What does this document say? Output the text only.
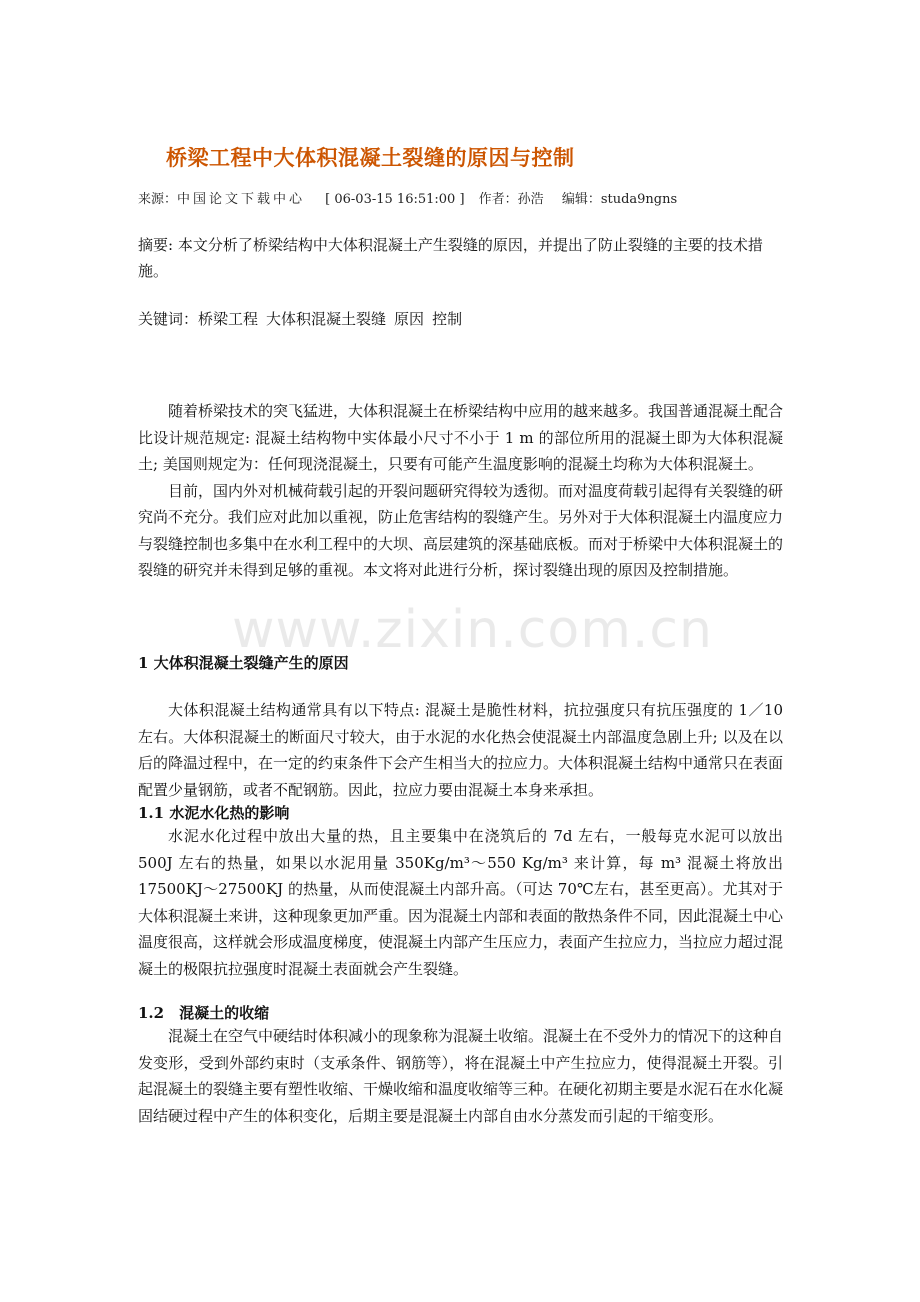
桥梁工程中大体积混凝土裂缝的原因与控制
来源：中国论文下载中心 [ 06-03-15 16:51:00 ] 作者：孙浩 编辑：studa9ngns

摘要: 本文分析了桥梁结构中大体积混凝土产生裂缝的原因，并提出了防止裂缝的主要的技术措施。

关键词：桥梁工程 大体积混凝土裂缝 原因 控制

随着桥梁技术的突飞猛进，大体积混凝土在桥梁结构中应用的越来越多。我国普通混凝土配合比设计规范规定: 混凝土结构物中实体最小尺寸不小于 1 m 的部位所用的混凝土即为大体积混凝土; 美国则规定为：任何现浇混凝土，只要有可能产生温度影响的混凝土均称为大体积混凝土。

目前，国内外对机械荷载引起的开裂问题研究得较为透彻。而对温度荷载引起得有关裂缝的研究尚不充分。我们应对此加以重视，防止危害结构的裂缝产生。另外对于大体积混凝土内温度应力与裂缝控制也多集中在水利工程中的大坝、高层建筑的深基础底板。而对于桥梁中大体积混凝土的裂缝的研究并未得到足够的重视。本文将对此进行分析，探讨裂缝出现的原因及控制措施。

www.zixin.com.cn
1 大体积混凝土裂缝产生的原因

大体积混凝土结构通常具有以下特点: 混凝土是脆性材料，抗拉强度只有抗压强度的 1／10 左右。大体积混凝土的断面尺寸较大，由于水泥的水化热会使混凝土内部温度急剧上升; 以及在以后的降温过程中，在一定的约束条件下会产生相当大的拉应力。大体积混凝土结构中通常只在表面配置少量钢筋，或者不配钢筋。因此，拉应力要由混凝土本身来承担。

1.1 水泥水化热的影响

水泥水化过程中放出大量的热，且主要集中在浇筑后的 7d 左右，一般每克水泥可以放出 500J 左右的热量，如果以水泥用量 350Kg/m³～550 Kg/m³ 来计算，每 m³ 混凝土将放出 17500KJ～27500KJ 的热量，从而使混凝土内部升高。（可达 70℃左右，甚至更高）。尤其对于大体积混凝土来讲，这种现象更加严重。因为混凝土内部和表面的散热条件不同，因此混凝土中心温度很高，这样就会形成温度梯度，使混凝土内部产生压应力，表面产生拉应力，当拉应力超过混凝土的极限抗拉强度时混凝土表面就会产生裂缝。

1.2　混凝土的收缩

混凝土在空气中硬结时体积减小的现象称为混凝土收缩。混凝土在不受外力的情况下的这种自发变形，受到外部约束时（支承条件、钢筋等），将在混凝土中产生拉应力，使得混凝土开裂。引起混凝土的裂缝主要有塑性收缩、干燥收缩和温度收缩等三种。在硬化初期主要是水泥石在水化凝固结硬过程中产生的体积变化，后期主要是混凝土内部自由水分蒸发而引起的干缩变形。
